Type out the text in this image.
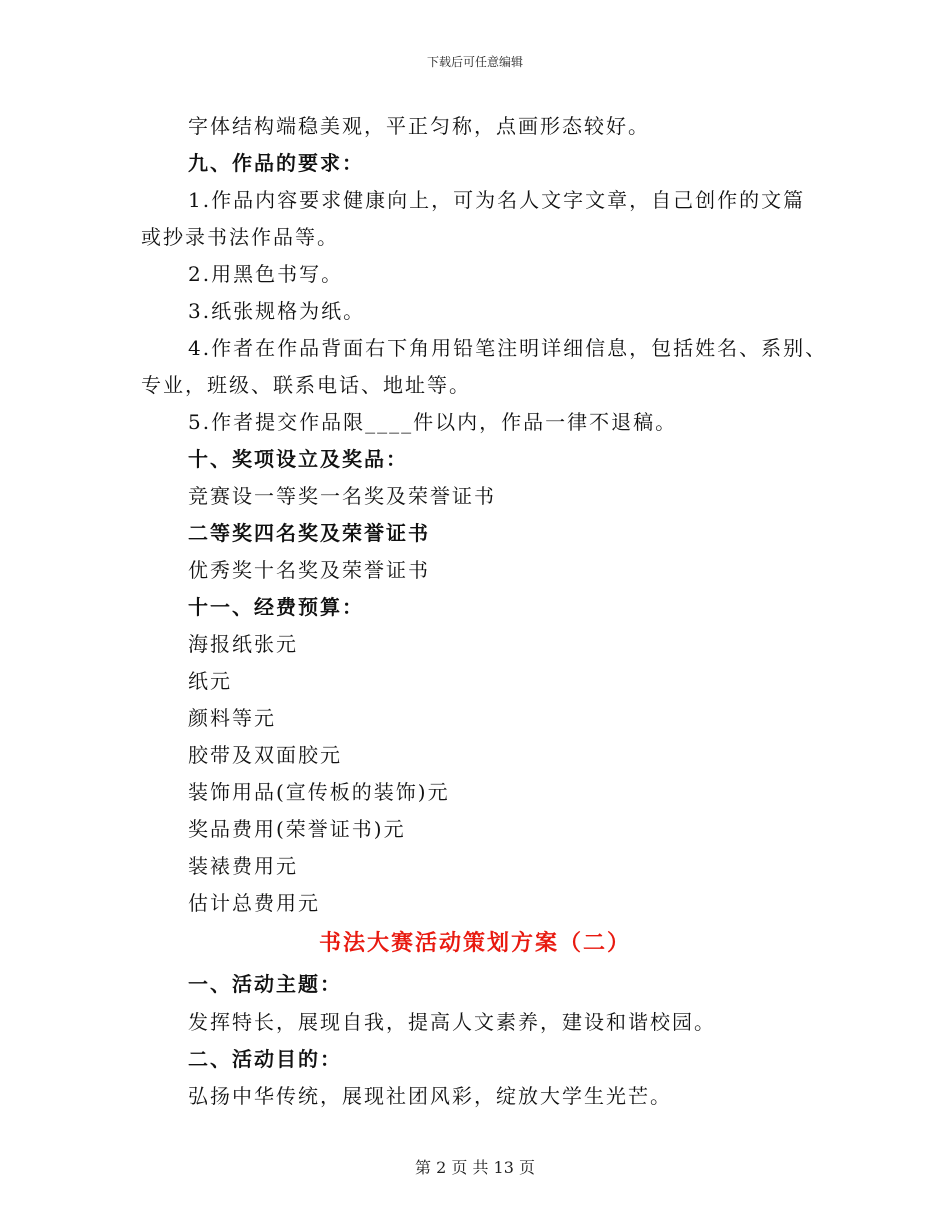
下载后可任意编辑
字体结构端稳美观，平正匀称，点画形态较好。
九、作品的要求：
1.作品内容要求健康向上，可为名人文字文章，自己创作的文篇
或抄录书法作品等。
2.用黑色书写。
3.纸张规格为纸。
4.作者在作品背面右下角用铅笔注明详细信息，包括姓名、系别、
专业，班级、联系电话、地址等。
5.作者提交作品限____件以内，作品一律不退稿。
十、奖项设立及奖品：
竞赛设一等奖一名奖及荣誉证书
二等奖四名奖及荣誉证书
优秀奖十名奖及荣誉证书
十一、经费预算：
海报纸张元
纸元
颜料等元
胶带及双面胶元
装饰用品(宣传板的装饰)元
奖品费用(荣誉证书)元
装裱费用元
估计总费用元
书法大赛活动策划方案（二）
一、活动主题：
发挥特长，展现自我，提高人文素养，建设和谐校园。
二、活动目的：
弘扬中华传统，展现社团风彩，绽放大学生光芒。
第 2 页 共 13 页
